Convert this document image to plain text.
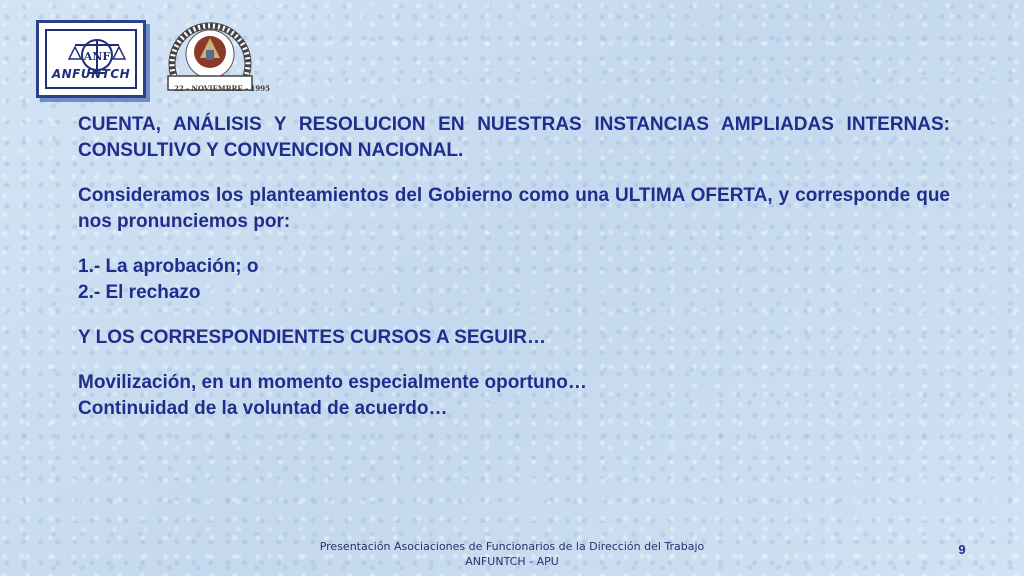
ANF
ANFUNTCH
22 - NOVIEMBRE - 1995

CUENTA, ANÁLISIS Y RESOLUCION EN NUESTRAS INSTANCIAS AMPLIADAS INTERNAS: CONSULTIVO Y CONVENCION NACIONAL.

Consideramos los planteamientos del Gobierno como una ULTIMA OFERTA, y corresponde que nos pronunciemos por:

1.- La aprobación; o

2.- El rechazo

Y LOS CORRESPONDIENTES CURSOS A SEGUIR…

Movilización, en un momento especialmente oportuno…

Continuidad de la voluntad de acuerdo…

Presentación Asociaciones de Funcionarios de la Dirección del Trabajo
ANFUNTCH - APU
9
